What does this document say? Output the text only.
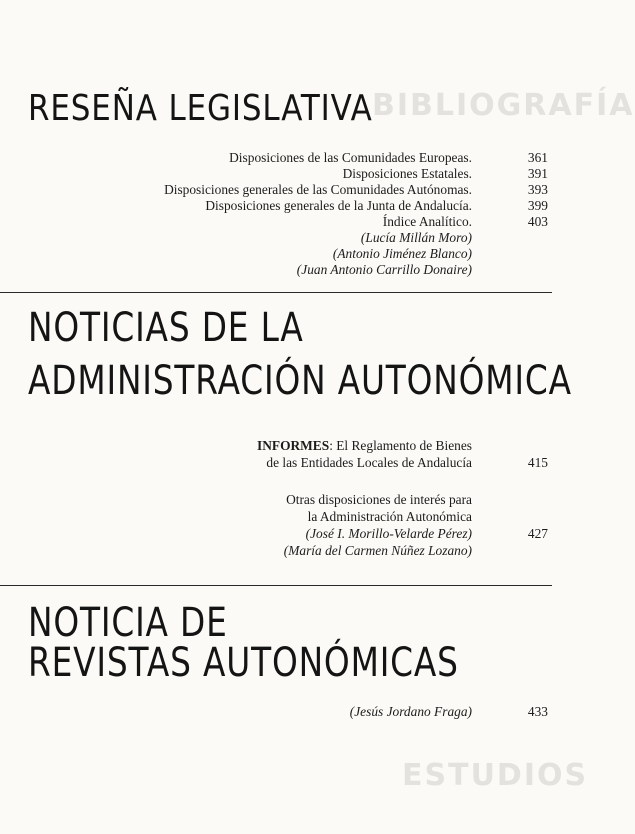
BIBLIOGRAFÍA
ESTUDIOS
RESEÑA LEGISLATIVA
Disposiciones de las Comunidades Europeas.	361
Disposiciones Estatales.	391
Disposiciones generales de las Comunidades Autónomas.	393
Disposiciones generales de la Junta de Andalucía.	399
Índice Analítico.	403
(Lucía Millán Moro)
(Antonio Jiménez Blanco)
(Juan Antonio Carrillo Donaire)
NOTICIAS DE LA
ADMINISTRACIÓN AUTONÓMICA
INFORMES: El Reglamento de Bienes
de las Entidades Locales de Andalucía	415
Otras disposiciones de interés para
la Administración Autonómica
(José I. Morillo-Velarde Pérez)	427
(María del Carmen Núñez Lozano)
NOTICIA DE
REVISTAS AUTONÓMICAS
(Jesús Jordano Fraga)	433
